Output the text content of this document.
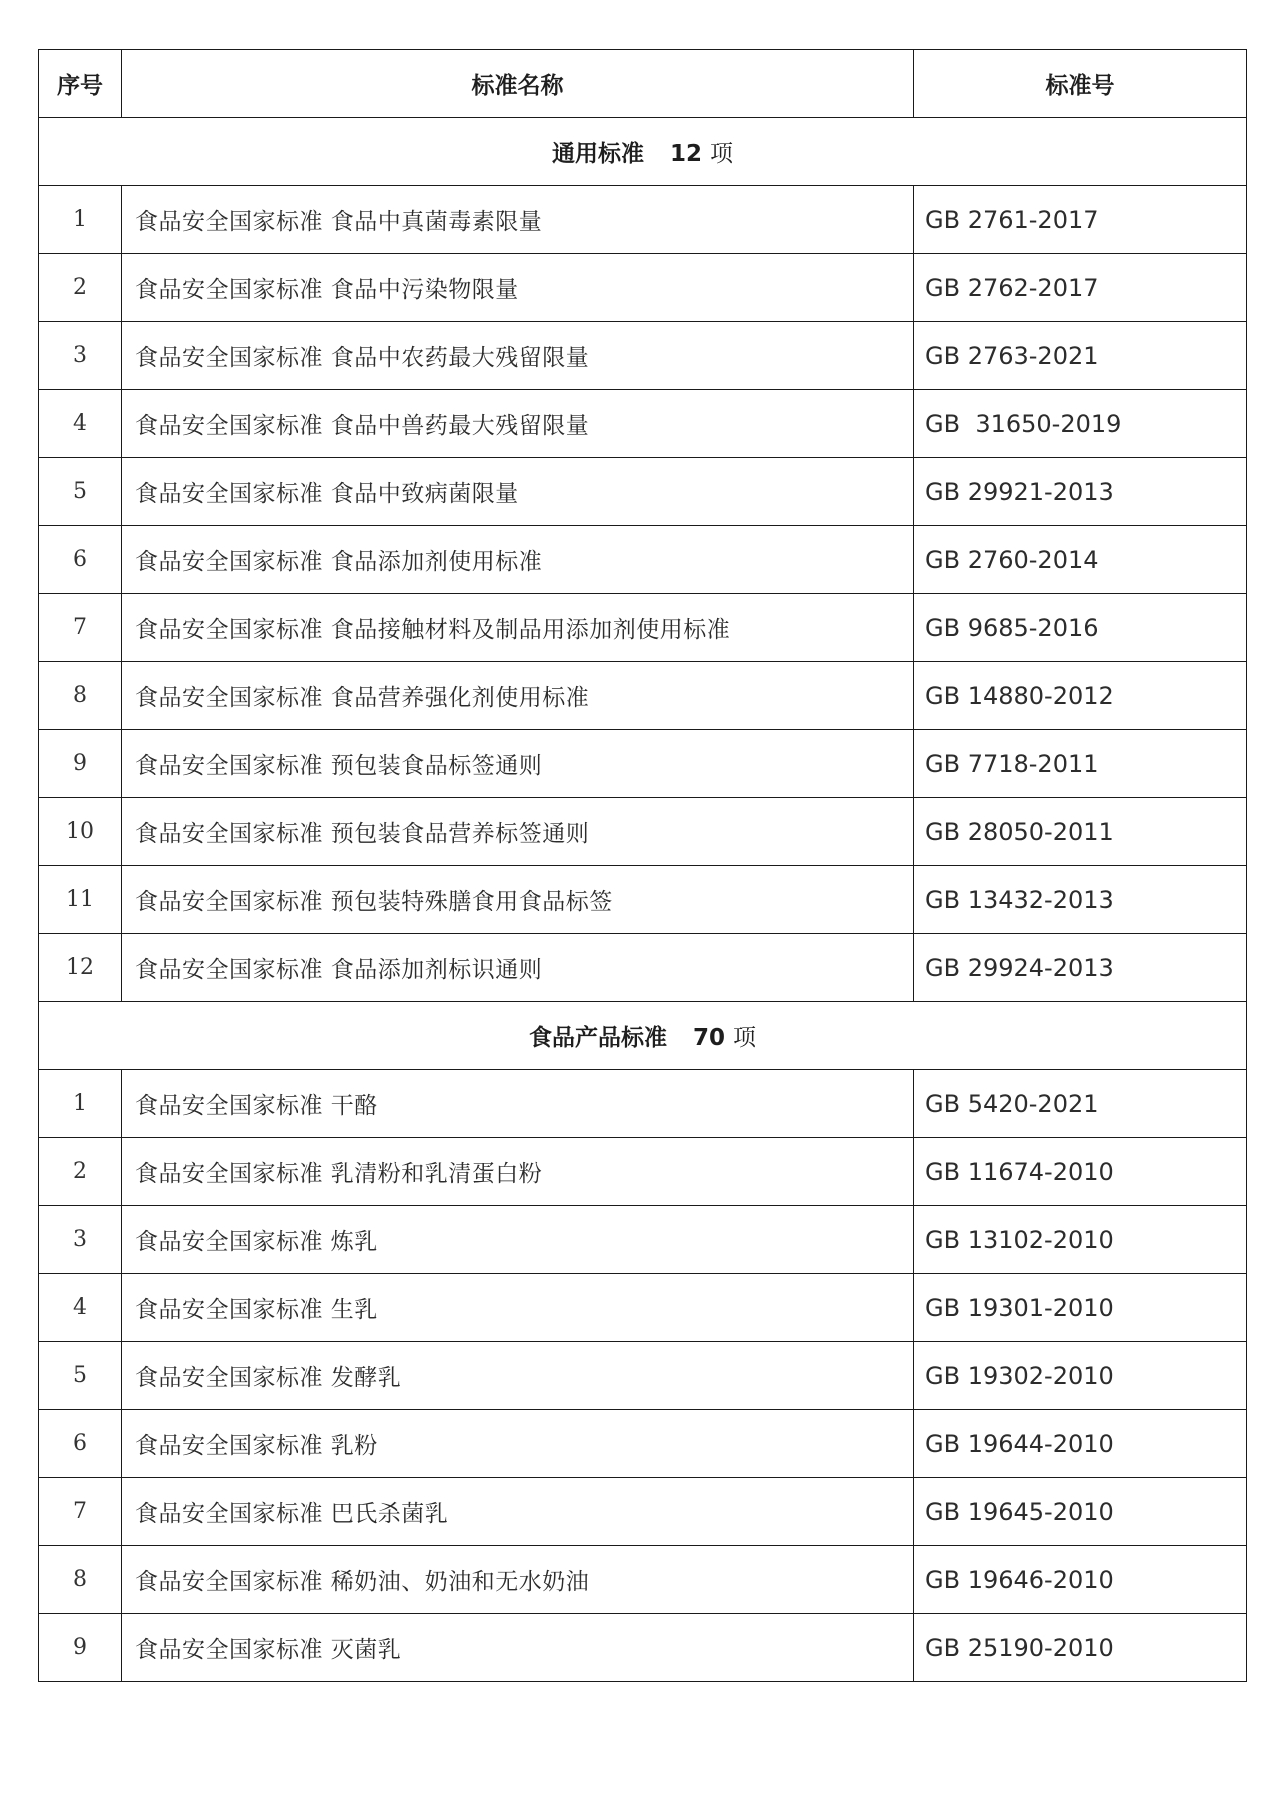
序号	标准名称	标准号
通用标准 12 项		
1	食品安全国家标准 食品中真菌毒素限量	GB 2761-2017
2	食品安全国家标准 食品中污染物限量	GB 2762-2017
3	食品安全国家标准 食品中农药最大残留限量	GB 2763-2021
4	食品安全国家标准 食品中兽药最大残留限量	GB  31650-2019
5	食品安全国家标准 食品中致病菌限量	GB 29921-2013
6	食品安全国家标准 食品添加剂使用标准	GB 2760-2014
7	食品安全国家标准 食品接触材料及制品用添加剂使用标准	GB 9685-2016
8	食品安全国家标准 食品营养强化剂使用标准	GB 14880-2012
9	食品安全国家标准 预包装食品标签通则	GB 7718-2011
10	食品安全国家标准 预包装食品营养标签通则	GB 28050-2011
11	食品安全国家标准 预包装特殊膳食用食品标签	GB 13432-2013
12	食品安全国家标准 食品添加剂标识通则	GB 29924-2013
食品产品标准 70 项		
1	食品安全国家标准 干酪	GB 5420-2021
2	食品安全国家标准 乳清粉和乳清蛋白粉	GB 11674-2010
3	食品安全国家标准 炼乳	GB 13102-2010
4	食品安全国家标准 生乳	GB 19301-2010
5	食品安全国家标准 发酵乳	GB 19302-2010
6	食品安全国家标准 乳粉	GB 19644-2010
7	食品安全国家标准 巴氏杀菌乳	GB 19645-2010
8	食品安全国家标准 稀奶油、奶油和无水奶油	GB 19646-2010
9	食品安全国家标准 灭菌乳	GB 25190-2010
